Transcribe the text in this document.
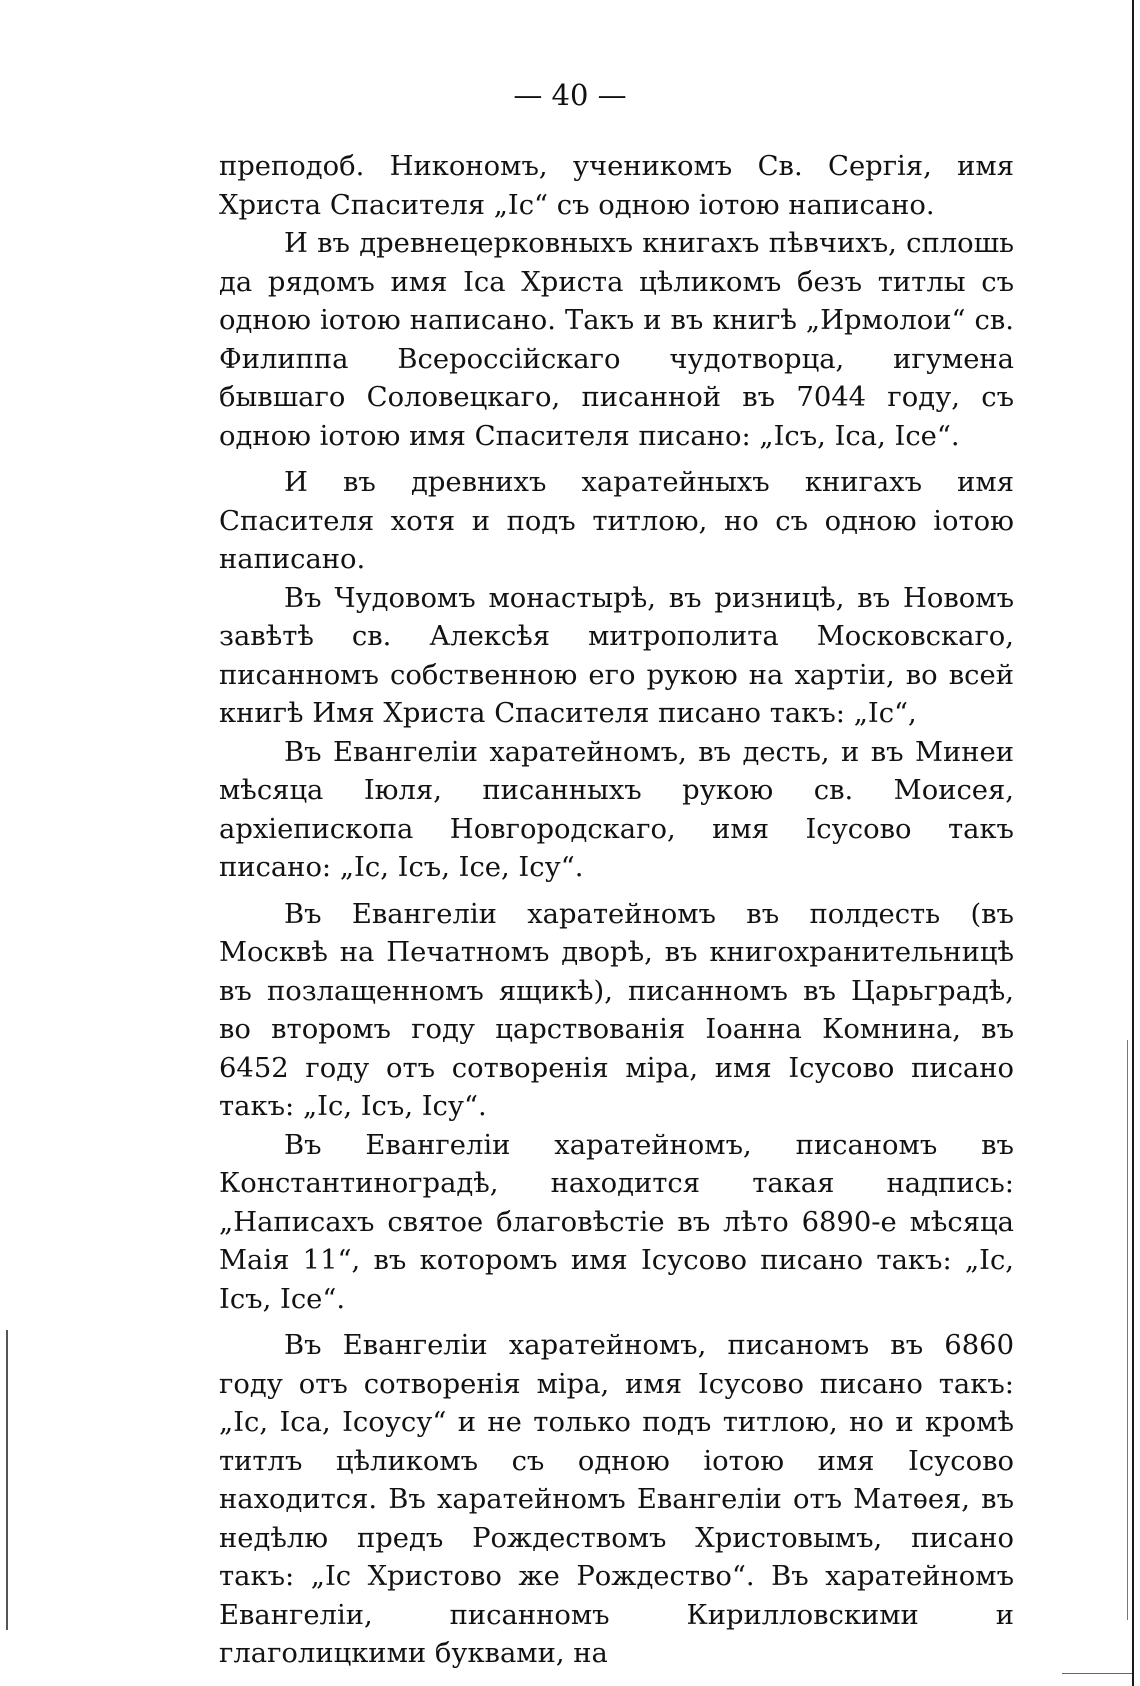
— 40 —

преподоб. Никономъ, ученикомъ Св. Сергія, имя Христа Спасителя „Іс“ съ одною іотою написано.

И въ древнецерковныхъ книгахъ пѣвчихъ, сплошь да рядомъ имя Іса Христа цѣликомъ безъ титлы съ одною іотою написано. Такъ и въ книгѣ „Ирмолои“ св. Филиппа Всероссійскаго чудотворца, игумена бывшаго Соловецкаго, писанной въ 7044 году, съ одною іотою имя Спасителя писано: „Ісъ, Іса, Ісе“.

И въ древнихъ харатейныхъ книгахъ имя Спасителя хотя и подъ титлою, но съ одною іотою написано.

Въ Чудовомъ монастырѣ, въ ризницѣ, въ Новомъ завѣтѣ св. Алексѣя митрополита Московскаго, писанномъ собственною его рукою на хартіи, во всей книгѣ Имя Христа Спасителя писано такъ: „Іс“,

Въ Евангеліи харатейномъ, въ десть, и въ Минеи мѣсяца Іюля, писанныхъ рукою св. Моисея, архіепископа Новгородскаго, имя Ісусово такъ писано: „Іс, Ісъ, Іcе, Ісу“.

Въ Евангеліи харатейномъ въ полдесть (въ Москвѣ на Печатномъ дворѣ, въ книгохранительницѣ въ позлащенномъ ящикѣ), писанномъ въ Царьградѣ, во второмъ году царствованія Іоанна Комнина, въ 6452 году отъ сотворенія міра, имя Ісусово писано такъ: „Іс, Ісъ, Ісу“.

Въ Евангеліи харатейномъ, писаномъ въ Константиноградѣ, находится такая надпись: „Написахъ святое благовѣстіе въ лѣто 6890-е мѣсяца Маія 11“, въ которомъ имя Ісусово писано такъ: „Іс, Ісъ, Ісе“.

Въ Евангеліи харатейномъ, писаномъ въ 6860 году отъ сотворенія міра, имя Ісусово писано такъ: „Іс, Іса, Ісоусу“ и не только подъ титлою, но и кромѣ титлъ цѣликомъ съ одною іотою имя Ісусово находится. Въ харатейномъ Евангеліи отъ Матѳея, въ недѣлю предъ Рождествомъ Христовымъ, писано такъ: „Іс Христово же Рождество“. Въ харатейномъ Евангеліи, писанномъ Кирилловскими и глаголицкими буквами, на
